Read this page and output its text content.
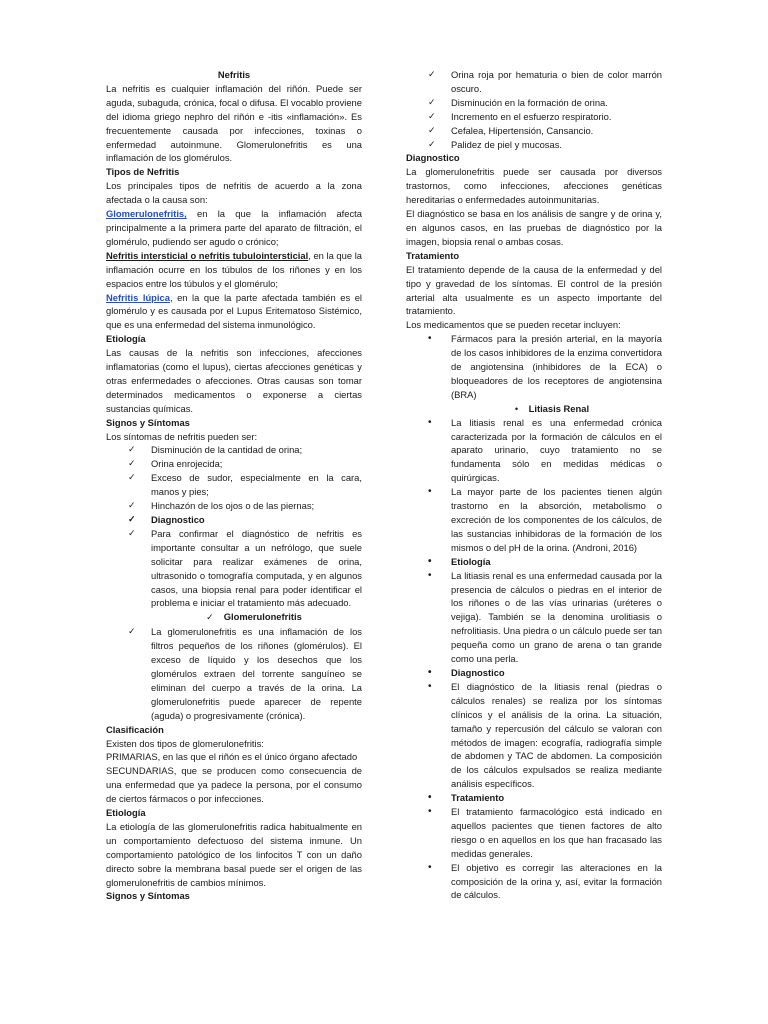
Nefritis

La nefritis es cualquier inflamación del riñón. Puede ser aguda, subaguda, crónica, focal o difusa. El vocablo proviene del idioma griego nephro del riñón e -itis «inflamación». Es frecuentemente causada por infecciones, toxinas o enfermedad autoinmune. Glomerulonefritis es una inflamación de los glomérulos.

Tipos de Nefritis

Los principales tipos de nefritis de acuerdo a la zona afectada o la causa son:

Glomerulonefritis, en la que la inflamación afecta principalmente a la primera parte del aparato de filtración, el glomérulo, pudiendo ser agudo o crónico;

Nefritis intersticial o nefritis tubulointersticial, en la que la inflamación ocurre en los túbulos de los riñones y en los espacios entre los túbulos y el glomérulo;

Nefritis lúpica, en la que la parte afectada también es el glomérulo y es causada por el Lupus Eritematoso Sistémico, que es una enfermedad del sistema inmunológico.

Etiología

Las causas de la nefritis son infecciones, afecciones inflamatorias (como el lupus), ciertas afecciones genéticas y otras enfermedades o afecciones. Otras causas son tomar determinados medicamentos o exponerse a ciertas sustancias químicas.

Signos y Síntomas

Los síntomas de nefritis pueden ser:

✓ Disminución de la cantidad de orina;

✓ Orina enrojecida;

✓ Exceso de sudor, especialmente en la cara, manos y pies;

✓ Hinchazón de los ojos o de las piernas;

✓ Diagnostico

✓ Para confirmar el diagnóstico de nefritis es importante consultar a un nefrólogo, que suele solicitar para realizar exámenes de orina, ultrasonido o tomografía computada, y en algunos casos, una biopsia renal para poder identificar el problema e iniciar el tratamiento más adecuado.

✓    Glomerulonefritis

✓ La glomerulonefritis es una inflamación de los filtros pequeños de los riñones (glomérulos). El exceso de líquido y los desechos que los glomérulos extraen del torrente sanguíneo se eliminan del cuerpo a través de la orina. La glomerulonefritis puede aparecer de repente (aguda) o progresivamente (crónica).

Clasificación

Existen dos tipos de glomerulonefritis:

PRIMARIAS, en las que el riñón es el único órgano afectado

SECUNDARIAS, que se producen como consecuencia de una enfermedad que ya padece la persona, por el consumo de ciertos fármacos o por infecciones.

Etiología

La etiología de las glomerulonefritis radica habitualmente en un comportamiento defectuoso del sistema inmune. Un comportamiento patológico de los linfocitos T con un daño directo sobre la membrana basal puede ser el origen de las glomerulonefritis de cambios mínimos.

Signos y Síntomas

✓ Orina roja por hematuria o bien de color marrón oscuro.

✓ Disminución en la formación de orina.

✓ Incremento en el esfuerzo respiratorio.

✓ Cefalea, Hipertensión, Cansancio.

✓ Palidez de piel y mucosas.

Diagnostico

La glomerulonefritis puede ser causada por diversos trastornos, como infecciones, afecciones genéticas hereditarias o enfermedades autoinmunitarias.

El diagnóstico se basa en los análisis de sangre y de orina y, en algunos casos, en las pruebas de diagnóstico por la imagen, biopsia renal o ambas cosas.

Tratamiento

El tratamiento depende de la causa de la enfermedad y del tipo y gravedad de los síntomas. El control de la presión arterial alta usualmente es un aspecto importante del tratamiento.

Los medicamentos que se pueden recetar incluyen:

• Fármacos para la presión arterial, en la mayoría de los casos inhibidores de la enzima convertidora de angiotensina (inhibidores de la ECA) o bloqueadores de los receptores de angiotensina (BRA)

•    Litiasis Renal

• La litiasis renal es una enfermedad crónica caracterizada por la formación de cálculos en el aparato urinario, cuyo tratamiento no se fundamenta sólo en medidas médicas o quirúrgicas.

• La mayor parte de los pacientes tienen algún trastorno en la absorción, metabolismo o excreción de los componentes de los cálculos, de las sustancias inhibidoras de la formación de los mismos o del pH de la orina. (Androni, 2016)

• Etiología

• La litiasis renal es una enfermedad causada por la presencia de cálculos o piedras en el interior de los riñones o de las vías urinarias (uréteres o vejiga). También se la denomina urolitiasis o nefrolitiasis. Una piedra o un cálculo puede ser tan pequeña como un grano de arena o tan grande como una perla.

• Diagnostico

• El diagnóstico de la litiasis renal (piedras o cálculos renales) se realiza por los síntomas clínicos y el análisis de la orina. La situación, tamaño y repercusión del cálculo se valoran con métodos de imagen: ecografía, radiografía simple de abdomen y TAC de abdomen. La composición de los cálculos expulsados se realiza mediante análisis específicos.

• Tratamiento

• El tratamiento farmacológico está indicado en aquellos pacientes que tienen factores de alto riesgo o en aquellos en los que han fracasado las medidas generales.

• El objetivo es corregir las alteraciones en la composición de la orina y, así, evitar la formación de cálculos.
